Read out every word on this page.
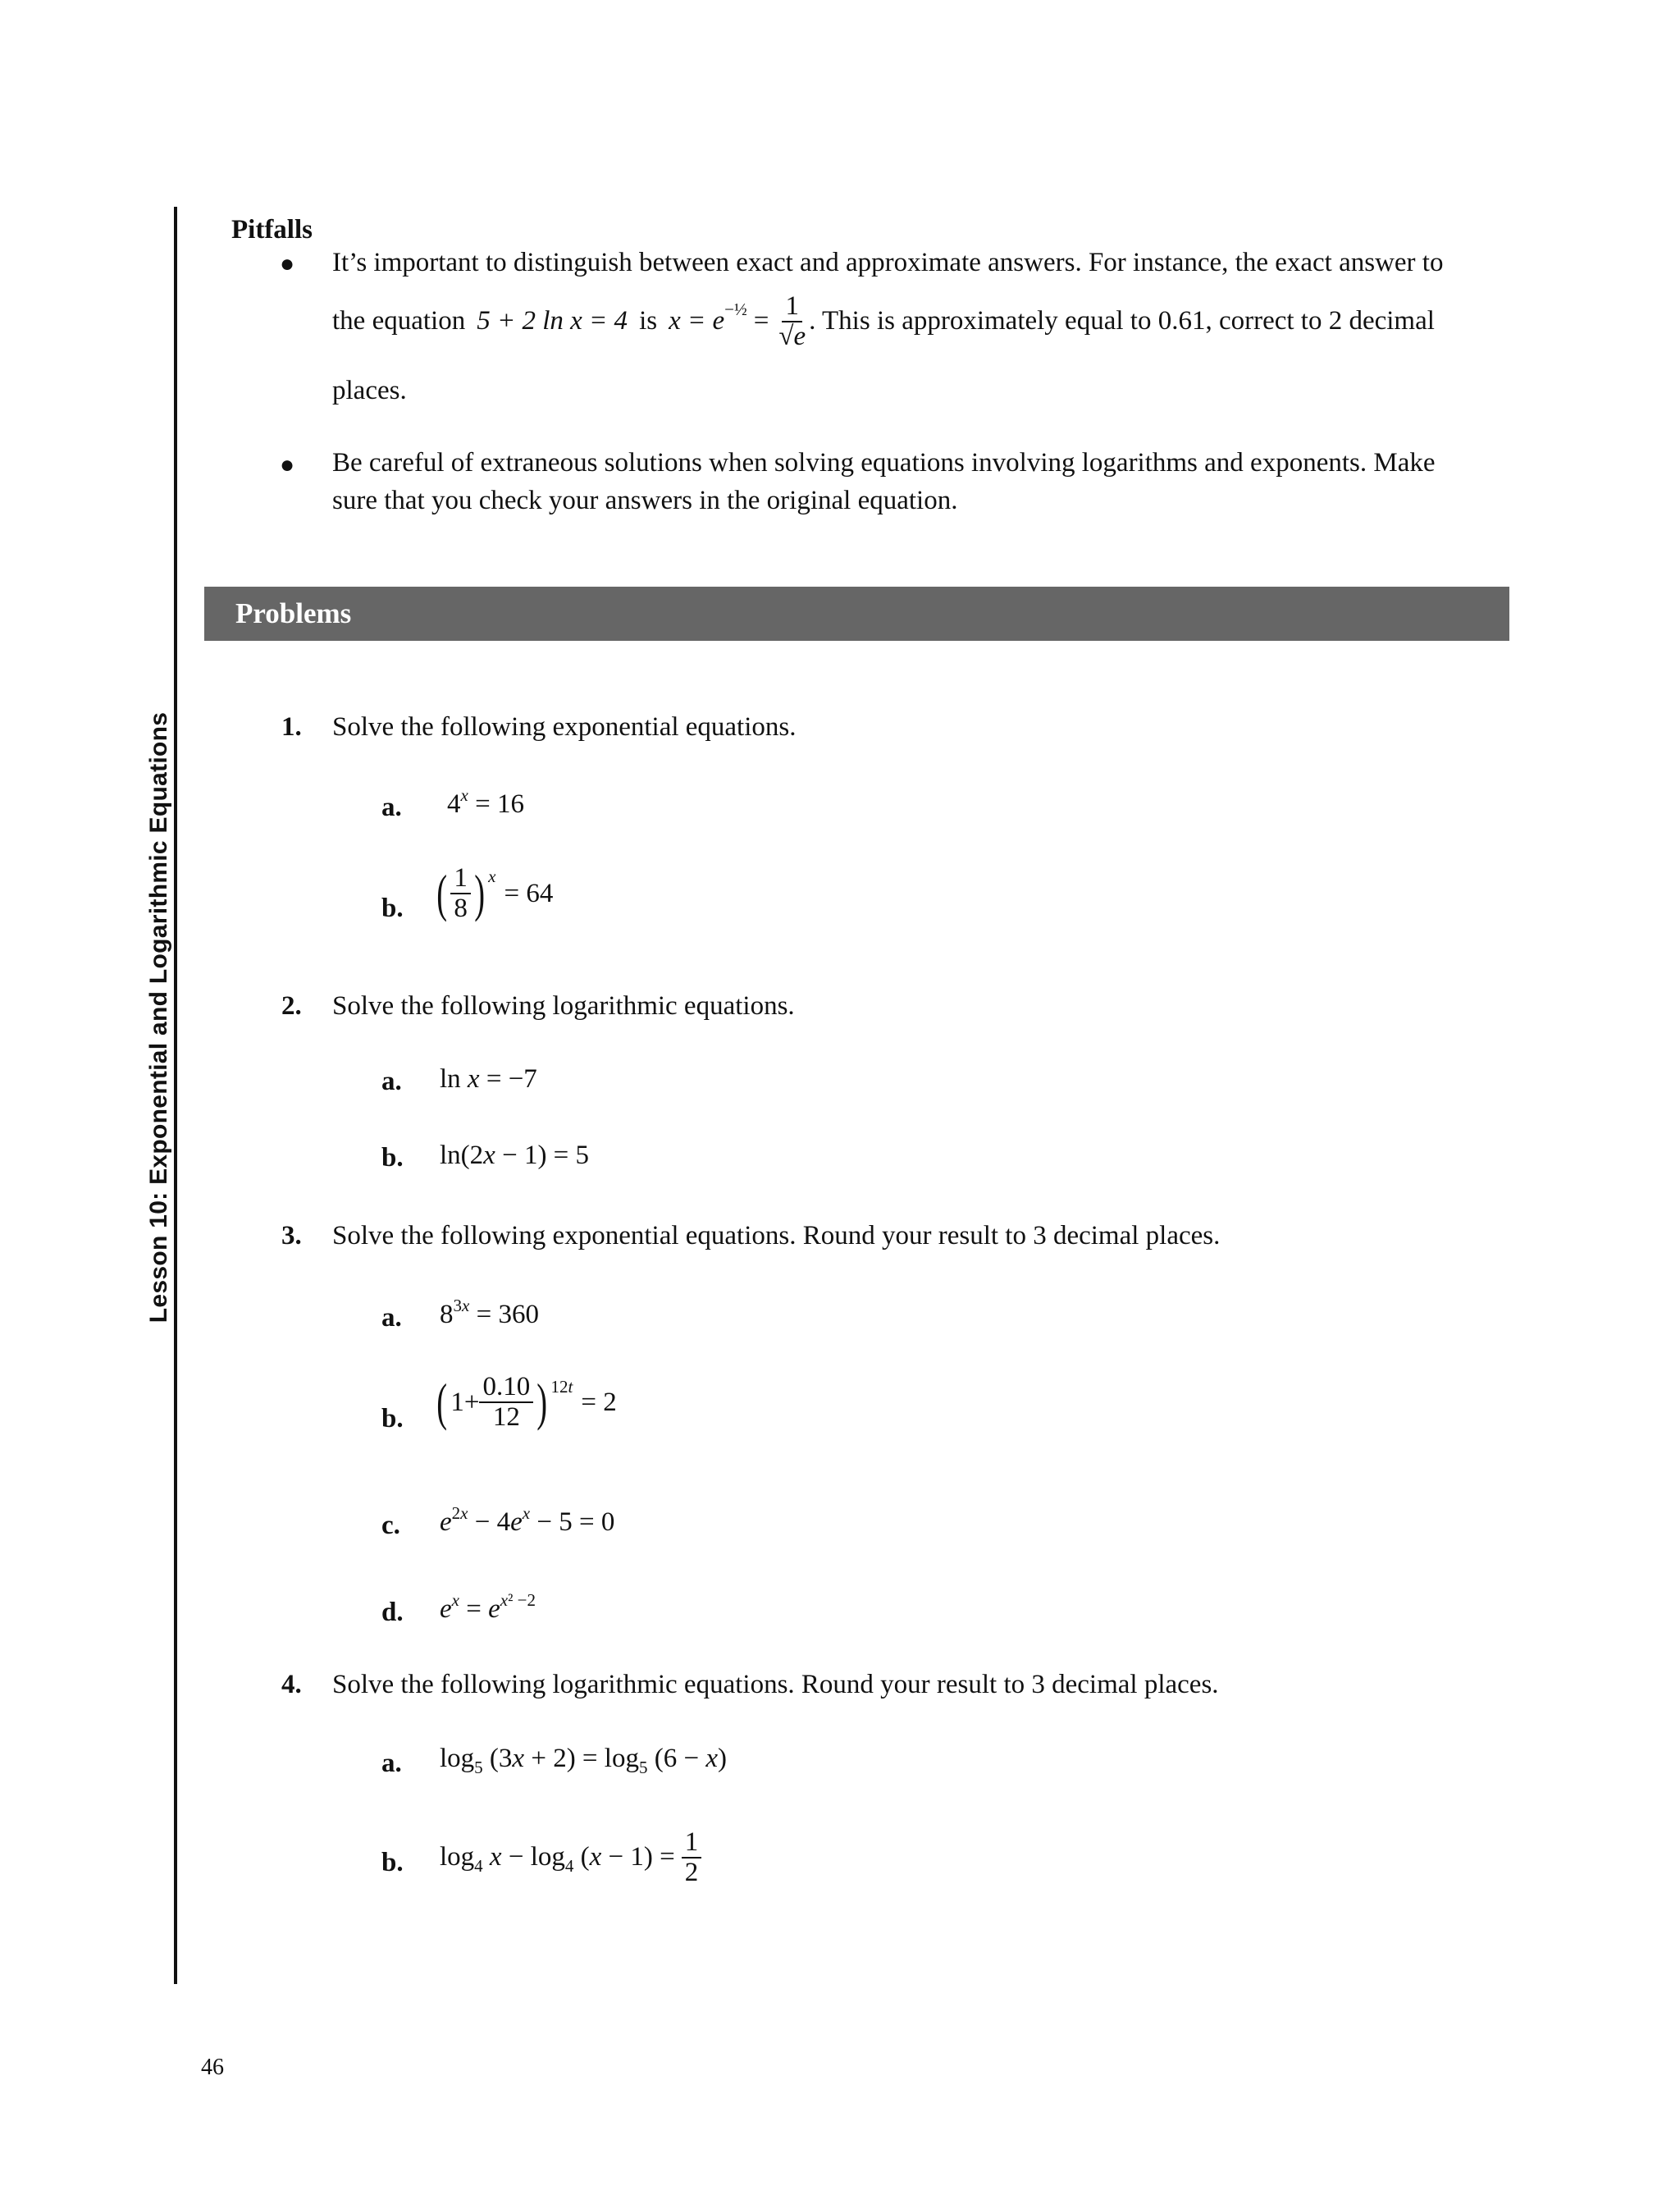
Lesson 10: Exponential and Logarithmic Equations
46
Pitfalls
● It’s important to distinguish between exact and approximate answers. For instance, the exact answer to
the equation 5 + 2 ln x = 4 is x = e −½ = $\frac{1}{√e}$ . This is approximately equal to 0.61, correct to 2 decimal
places.
● Be careful of extraneous solutions when solving equations involving logarithms and exponents. Make
sure that you check your answers in the original equation.
Problems
1. Solve the following exponential equations.
a. $4^x = 16$
b. ( $\frac{1}{8}$ ) x
= 64
2. Solve the following logarithmic equations.
a. ln x = −7
b. ln(2x − 1) = 5
3. Solve the following exponential equations. Round your result to 3 decimal places.
a. $8^{3x} = 360$
b. ( $1+ \frac{0.10}{12}$ ) 12t
= 2
c. $e^{2x} - 4e^x - 5 = 0$
d. $e^x = e^{x^2 -2}$
4. Solve the following logarithmic equations. Round your result to 3 decimal places.
a. $\log_5 (3x + 2) = \log_5 (6 - x)$
b. $\log_4 x - \log_4 (x - 1) = \frac{1}{2}$
